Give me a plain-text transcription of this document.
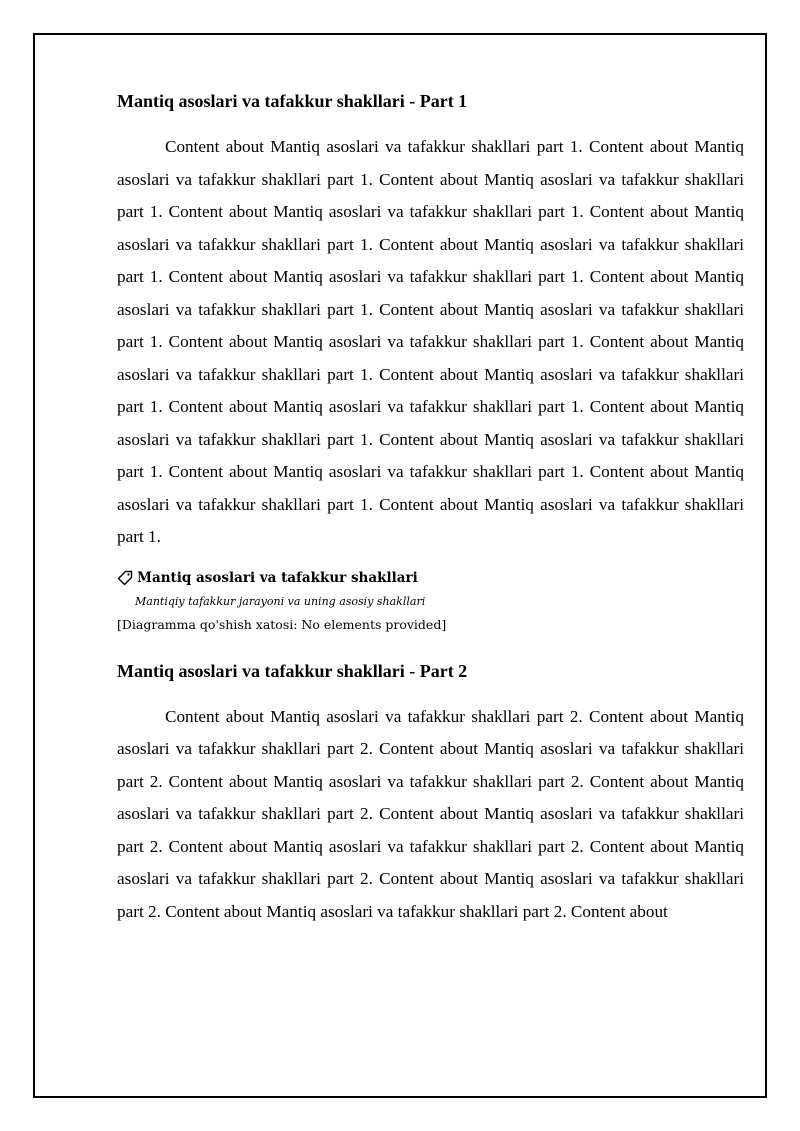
Mantiq asoslari va tafakkur shakllari - Part 1

Content about Mantiq asoslari va tafakkur shakllari part 1. Content about Mantiq asoslari va tafakkur shakllari part 1. Content about Mantiq asoslari va tafakkur shakllari part 1. Content about Mantiq asoslari va tafakkur shakllari part 1. Content about Mantiq asoslari va tafakkur shakllari part 1. Content about Mantiq asoslari va tafakkur shakllari part 1. Content about Mantiq asoslari va tafakkur shakllari part 1. Content about Mantiq asoslari va tafakkur shakllari part 1. Content about Mantiq asoslari va tafakkur shakllari part 1. Content about Mantiq asoslari va tafakkur shakllari part 1. Content about Mantiq asoslari va tafakkur shakllari part 1. Content about Mantiq asoslari va tafakkur shakllari part 1. Content about Mantiq asoslari va tafakkur shakllari part 1. Content about Mantiq asoslari va tafakkur shakllari part 1. Content about Mantiq asoslari va tafakkur shakllari part 1. Content about Mantiq asoslari va tafakkur shakllari part 1. Content about Mantiq asoslari va tafakkur shakllari part 1. Content about Mantiq asoslari va tafakkur shakllari part 1.

Mantiq asoslari va tafakkur shakllari
Mantiqiy tafakkur jarayoni va uning asosiy shakllari
[Diagramma qo'shish xatosi: No elements provided]
Mantiq asoslari va tafakkur shakllari - Part 2

Content about Mantiq asoslari va tafakkur shakllari part 2. Content about Mantiq asoslari va tafakkur shakllari part 2. Content about Mantiq asoslari va tafakkur shakllari part 2. Content about Mantiq asoslari va tafakkur shakllari part 2. Content about Mantiq asoslari va tafakkur shakllari part 2. Content about Mantiq asoslari va tafakkur shakllari part 2. Content about Mantiq asoslari va tafakkur shakllari part 2. Content about Mantiq asoslari va tafakkur shakllari part 2. Content about Mantiq asoslari va tafakkur shakllari part 2. Content about Mantiq asoslari va tafakkur shakllari part 2. Content about
